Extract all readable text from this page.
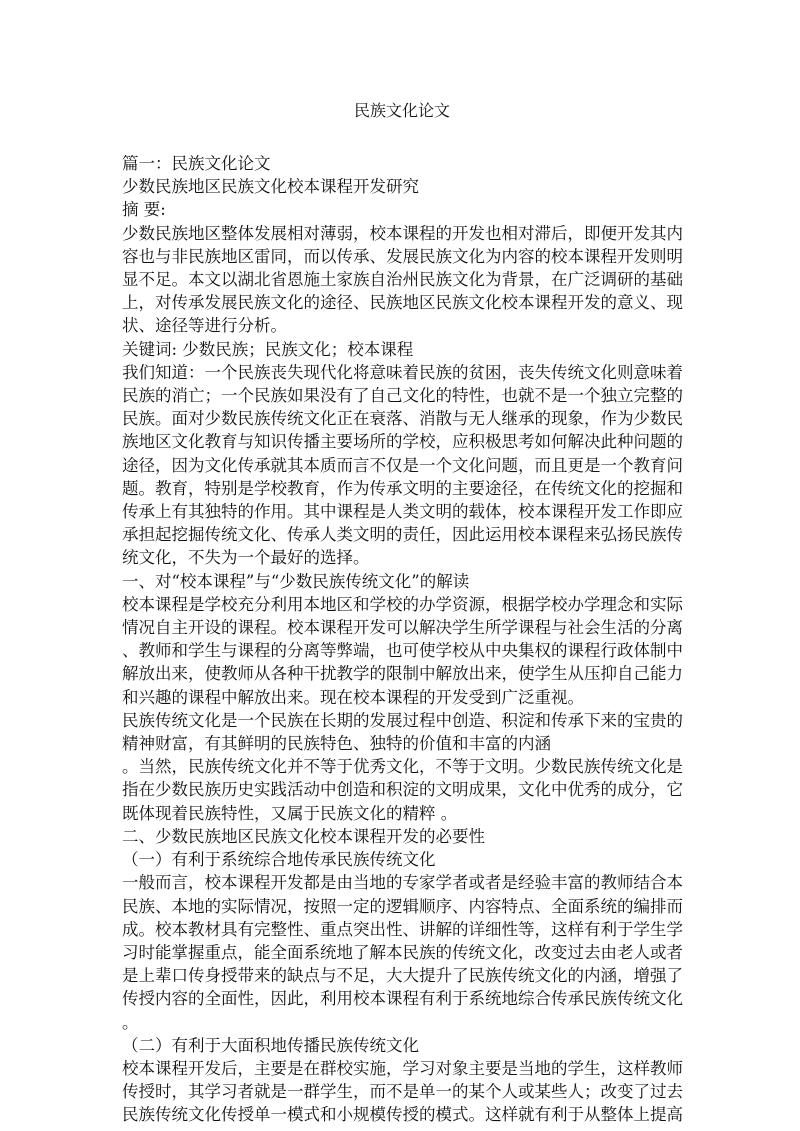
民族文化论文
篇一：民族文化论文
少数民族地区民族文化校本课程开发研究
摘 要:
少数民族地区整体发展相对薄弱，校本课程的开发也相对滞后，即便开发其内
容也与非民族地区雷同，而以传承、发展民族文化为内容的校本课程开发则明
显不足。本文以湖北省恩施土家族自治州民族文化为背景，在广泛调研的基础
上，对传承发展民族文化的途径、民族地区民族文化校本课程开发的意义、现
状、途径等进行分析。
关键词: 少数民族；民族文化；校本课程
我们知道：一个民族丧失现代化将意味着民族的贫困，丧失传统文化则意味着
民族的消亡；一个民族如果没有了自己文化的特性，也就不是一个独立完整的
民族。面对少数民族传统文化正在衰落、消散与无人继承的现象，作为少数民
族地区文化教育与知识传播主要场所的学校，应积极思考如何解决此种问题的
途径，因为文化传承就其本质而言不仅是一个文化问题，而且更是一个教育问
题。教育，特别是学校教育，作为传承文明的主要途径，在传统文化的挖掘和
传承上有其独特的作用。其中课程是人类文明的载体，校本课程开发工作即应
承担起挖掘传统文化、传承人类文明的责任，因此运用校本课程来弘扬民族传
统文化，不失为一个最好的选择。
一、对“校本课程”与“少数民族传统文化”的解读
校本课程是学校充分利用本地区和学校的办学资源，根据学校办学理念和实际
情况自主开设的课程。校本课程开发可以解决学生所学课程与社会生活的分离
、教师和学生与课程的分离等弊端，也可使学校从中央集权的课程行政体制中
解放出来，使教师从各种干扰教学的限制中解放出来，使学生从压抑自己能力
和兴趣的课程中解放出来。现在校本课程的开发受到广泛重视。
民族传统文化是一个民族在长期的发展过程中创造、积淀和传承下来的宝贵的
精神财富，有其鲜明的民族特色、独特的价值和丰富的内涵
。当然，民族传统文化并不等于优秀文化，不等于文明。少数民族传统文化是
指在少数民族历史实践活动中创造和积淀的文明成果，文化中优秀的成分，它
既体现着民族特性，又属于民族文化的精粹 。
二、少数民族地区民族文化校本课程开发的必要性
（一）有利于系统综合地传承民族传统文化
一般而言，校本课程开发都是由当地的专家学者或者是经验丰富的教师结合本
民族、本地的实际情况，按照一定的逻辑顺序、内容特点、全面系统的编排而
成。校本教材具有完整性、重点突出性、讲解的详细性等，这样有利于学生学
习时能掌握重点，能全面系统地了解本民族的传统文化，改变过去由老人或者
是上辈口传身授带来的缺点与不足，大大提升了民族传统文化的内涵，增强了
传授内容的全面性，因此，利用校本课程有利于系统地综合传承民族传统文化
。
（二）有利于大面积地传播民族传统文化
校本课程开发后，主要是在群校实施，学习对象主要是当地的学生，这样教师
传授时，其学习者就是一群学生，而不是单一的某个人或某些人；改变了过去
民族传统文化传授单一模式和小规模传授的模式。这样就有利于从整体上提高
